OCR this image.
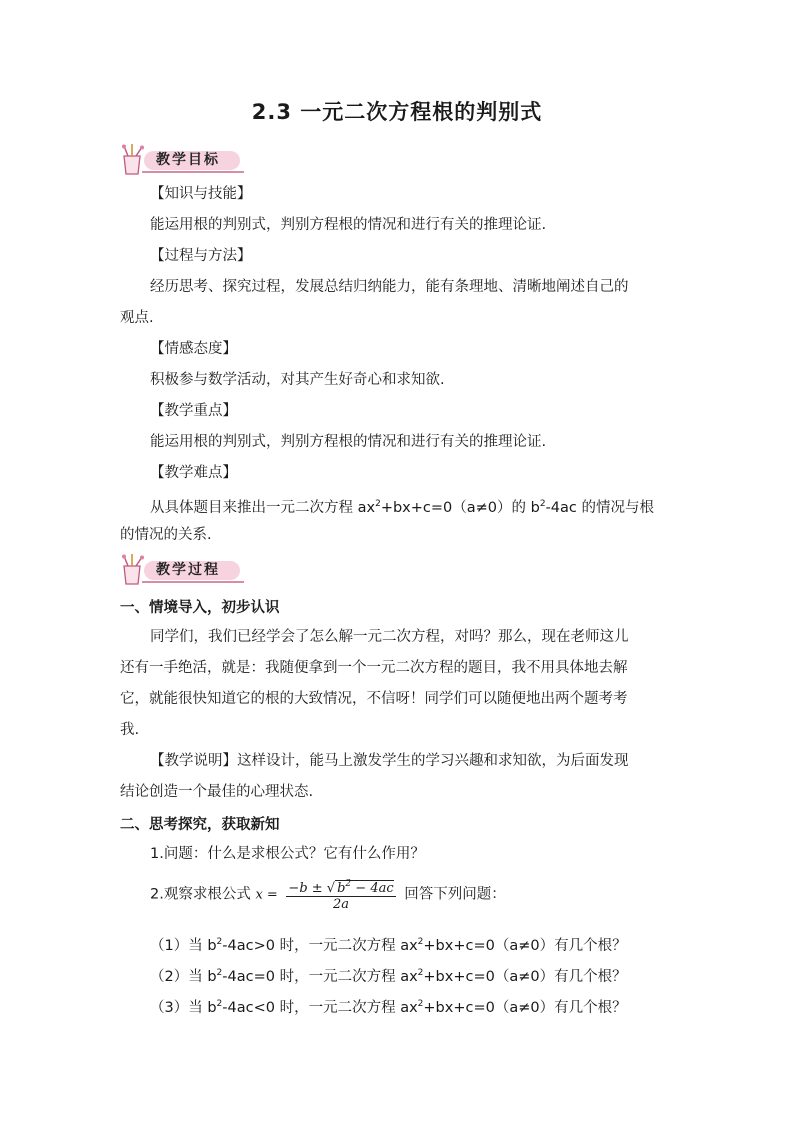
2.3 一元二次方程根的判别式
教学目标
【知识与技能】
能运用根的判别式，判别方程根的情况和进行有关的推理论证.
【过程与方法】
经历思考、探究过程，发展总结归纳能力，能有条理地、清晰地阐述自己的
观点.
【情感态度】
积极参与数学活动，对其产生好奇心和求知欲.
【教学重点】
能运用根的判别式，判别方程根的情况和进行有关的推理论证.
【教学难点】
从具体题目来推出一元二次方程 $ax^2+bx+c=0(a\ne 0)$的 $b^2-4ac$ 的情况与根
的情况的关系.
教学过程
一、情境导入，初步认识
同学们，我们已经学会了怎么解一元二次方程，对吗？那么，现在老师这儿
还有一手绝活，就是：我随便拿到一个一元二次方程的题目，我不用具体地去解
它，就能很快知道它的根的大致情况，不信呀！同学们可以随便地出两个题考考
我.
【教学说明】这样设计，能马上激发学生的学习兴趣和求知欲，为后面发现
结论创造一个最佳的心理状态.
二、思考探究，获取新知
1.问题：什么是求根公式？它有什么作用？
2.观察求根公式 $x = \frac{-b \pm √ b^2 - 4ac}{2a}$ 回答下列问题：
（1）当 $b^2-4ac>0$ 时，一元二次方程 $ax^2+bx+c=0(a\ne 0)$有几个根？
（2）当 $b^2-4ac=0$ 时，一元二次方程 $ax^2+bx+c=0(a\ne 0)$有几个根？
（3）当 $b^2-4ac<0$ 时，一元二次方程 $ax^2+bx+c=0(a\ne 0)$有几个根？
